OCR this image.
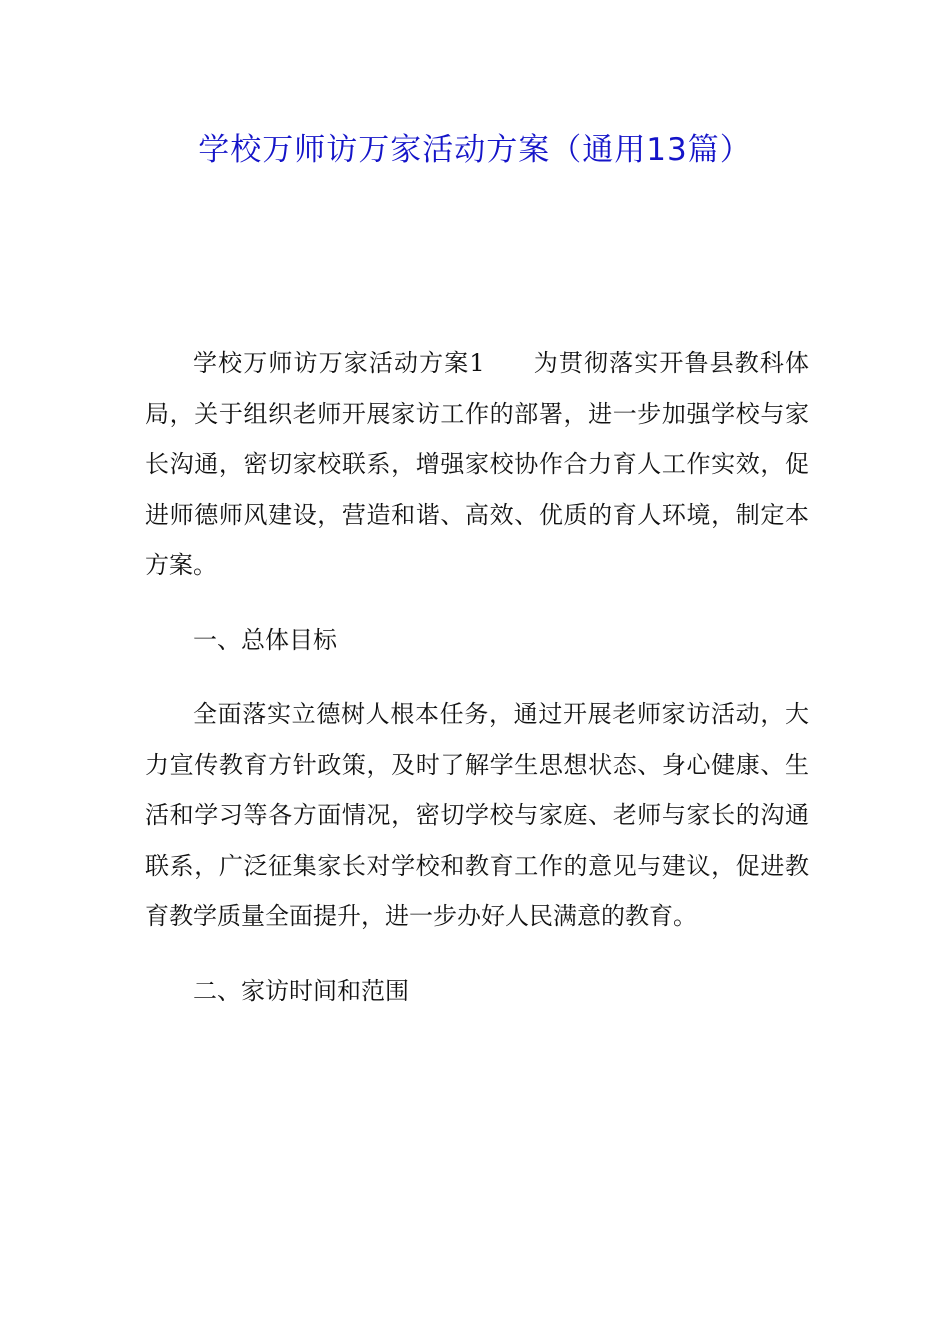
学校万师访万家活动方案（通用13篇）

学校万师访万家活动方案1 为贯彻落实开鲁县教科体局，关于组织老师开展家访工作的部署，进一步加强学校与家长沟通，密切家校联系，增强家校协作合力育人工作实效，促进师德师风建设，营造和谐、高效、优质的育人环境，制定本方案。

一、总体目标

全面落实立德树人根本任务，通过开展老师家访活动，大力宣传教育方针政策，及时了解学生思想状态、身心健康、生活和学习等各方面情况，密切学校与家庭、老师与家长的沟通联系，广泛征集家长对学校和教育工作的意见与建议，促进教育教学质量全面提升，进一步办好人民满意的教育。

二、家访时间和范围
